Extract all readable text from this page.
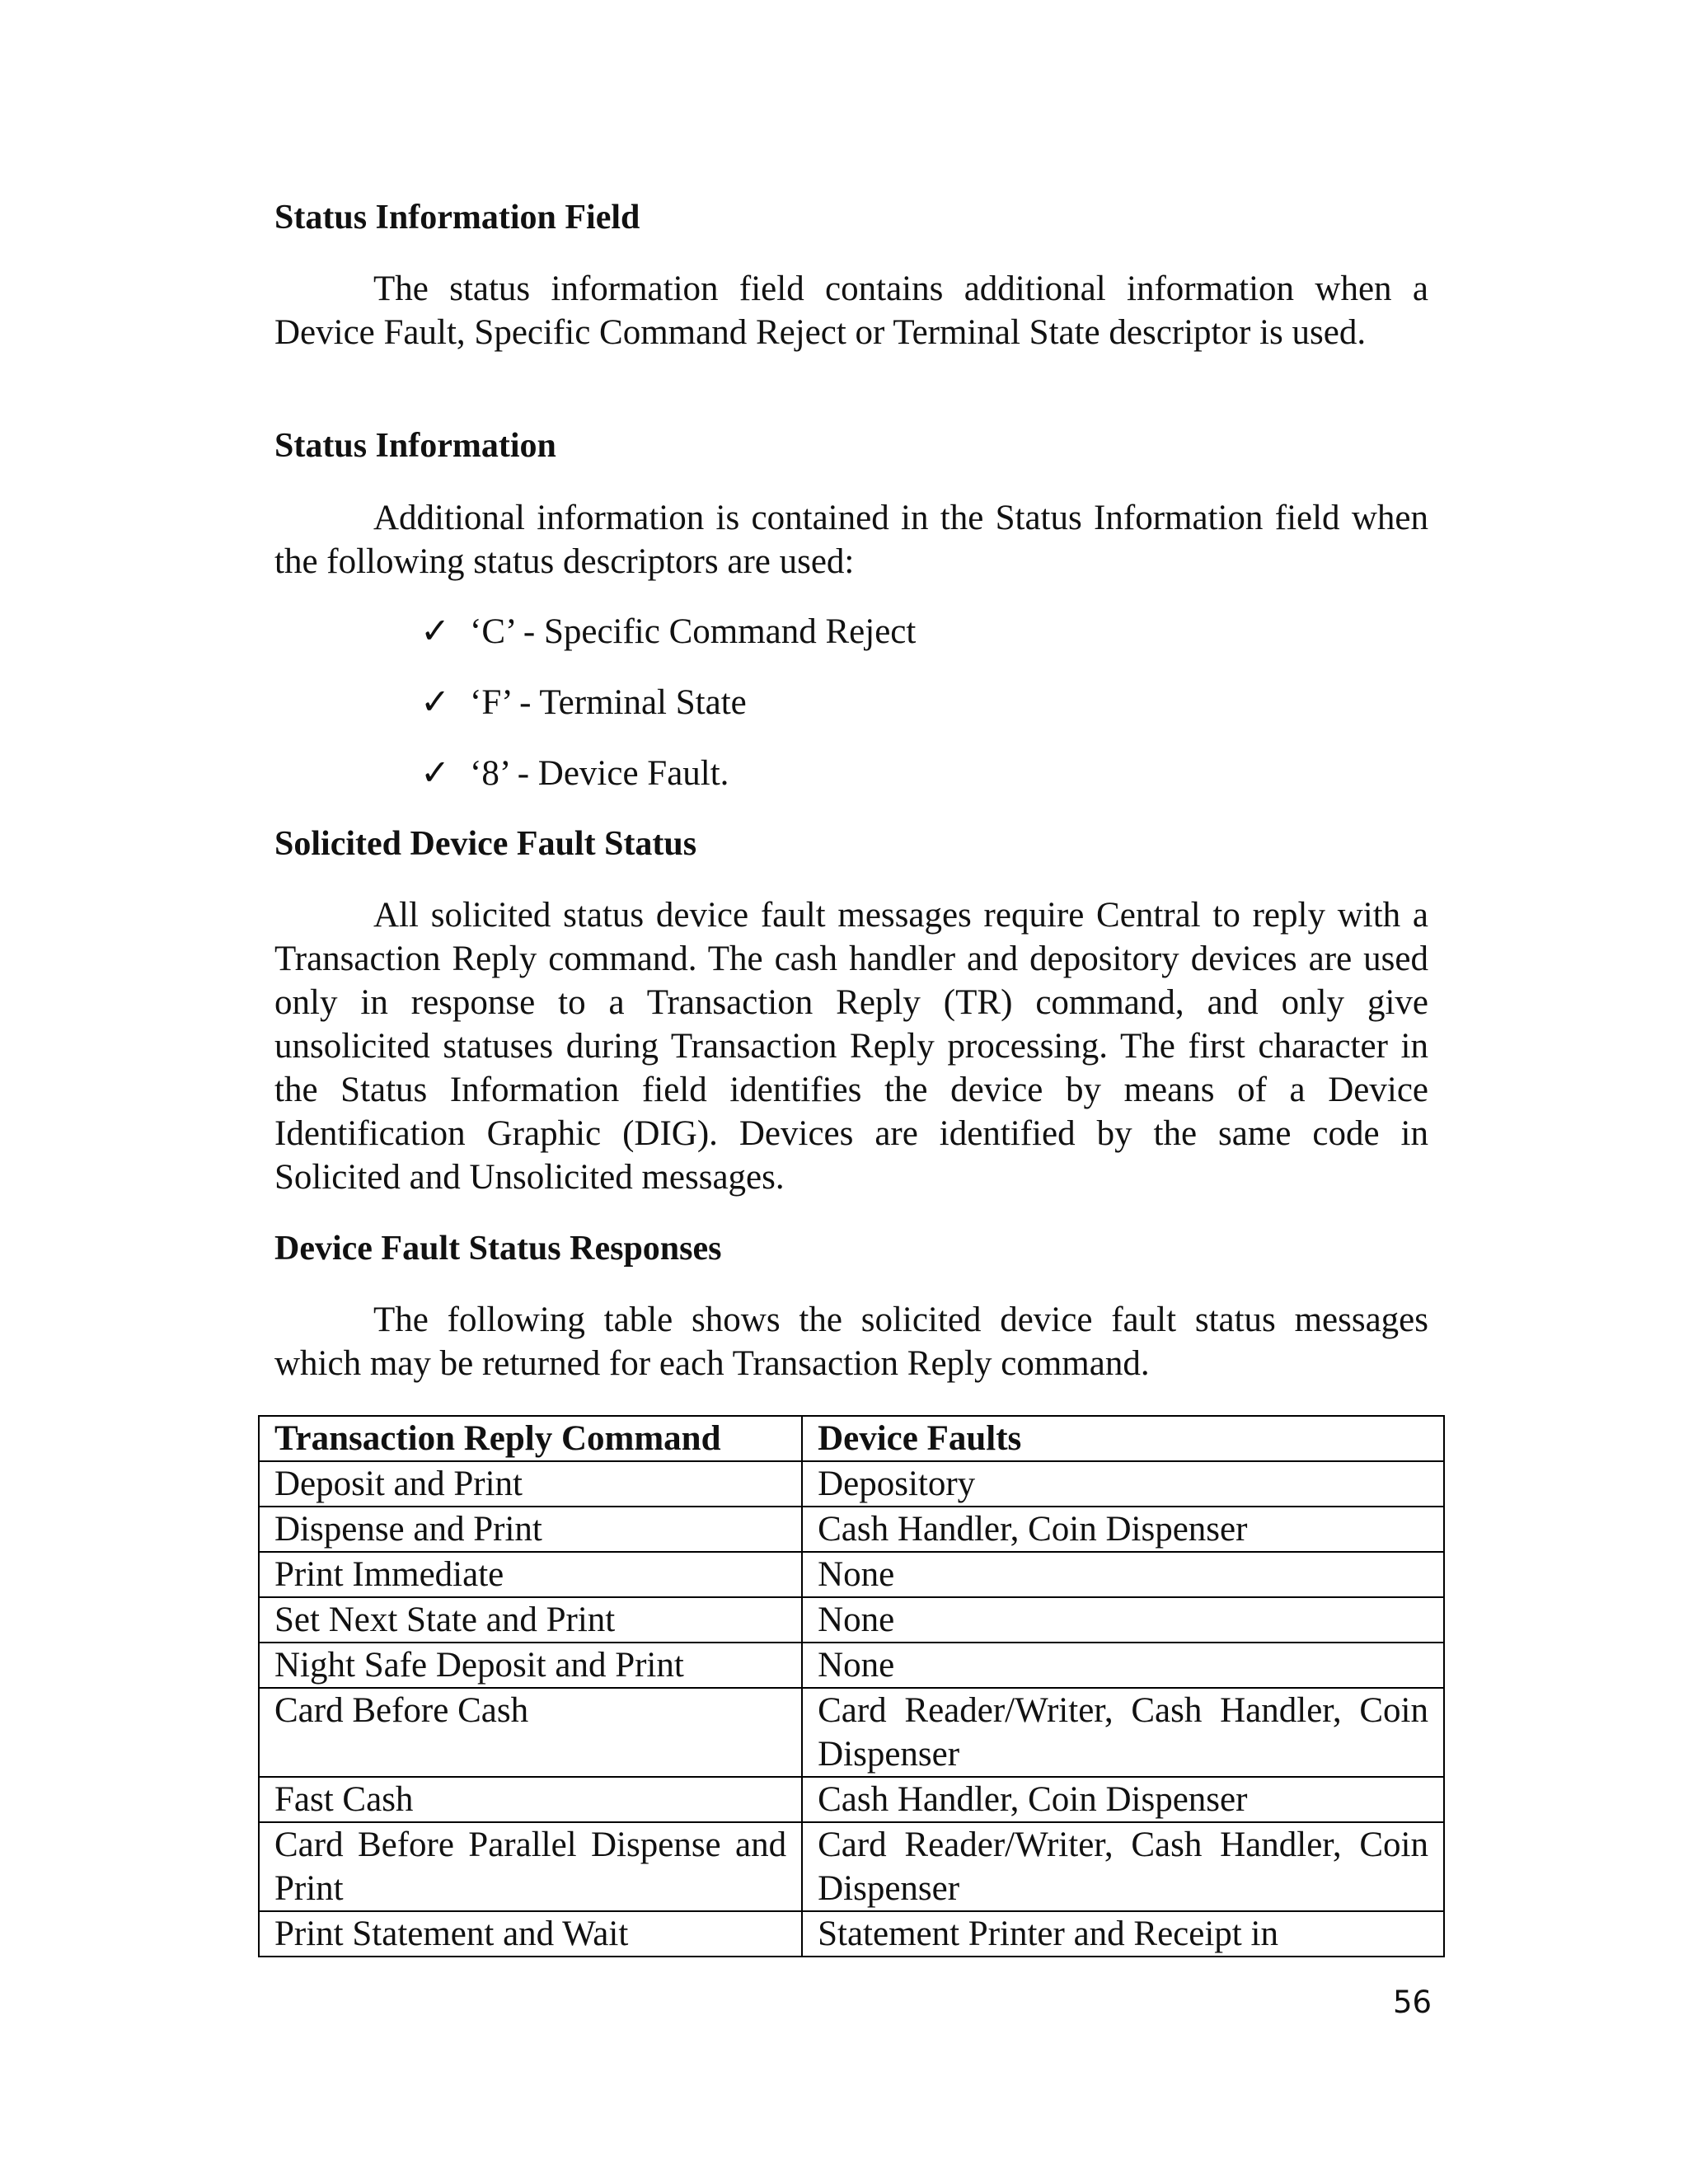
Status Information Field

The status information field contains additional information when a Device Fault, Specific Command Reject or Terminal State descriptor is used.

Status Information

Additional information is contained in the Status Information field when the following status descriptors are used:

✓ ‘C’ - Specific Command Reject
✓ ‘F’ - Terminal State
✓ ‘8’ - Device Fault.
Solicited Device Fault Status

All solicited status device fault messages require Central to reply with a Transaction Reply command. The cash handler and depository devices are used only in response to a Transaction Reply (TR) command, and only give unsolicited statuses during Transaction Reply processing. The first character in the Status Information field identifies the device by means of a Device Identification Graphic (DIG). Devices are identified by the same code in Solicited and Unsolicited messages.

Device Fault Status Responses

The following table shows the solicited device fault status messages which may be returned for each Transaction Reply command.

Transaction Reply Command	Device Faults
Deposit and Print	Depository
Dispense and Print	Cash Handler, Coin Dispenser
Print Immediate	None
Set Next State and Print	None
Night Safe Deposit and Print	None
Card Before Cash	Card Reader/Writer, Cash Handler, Coin Dispenser
Fast Cash	Cash Handler, Coin Dispenser
Card Before Parallel Dispense and Print	Card Reader/Writer, Cash Handler, Coin Dispenser
Print Statement and Wait	Statement Printer and Receipt in
56
